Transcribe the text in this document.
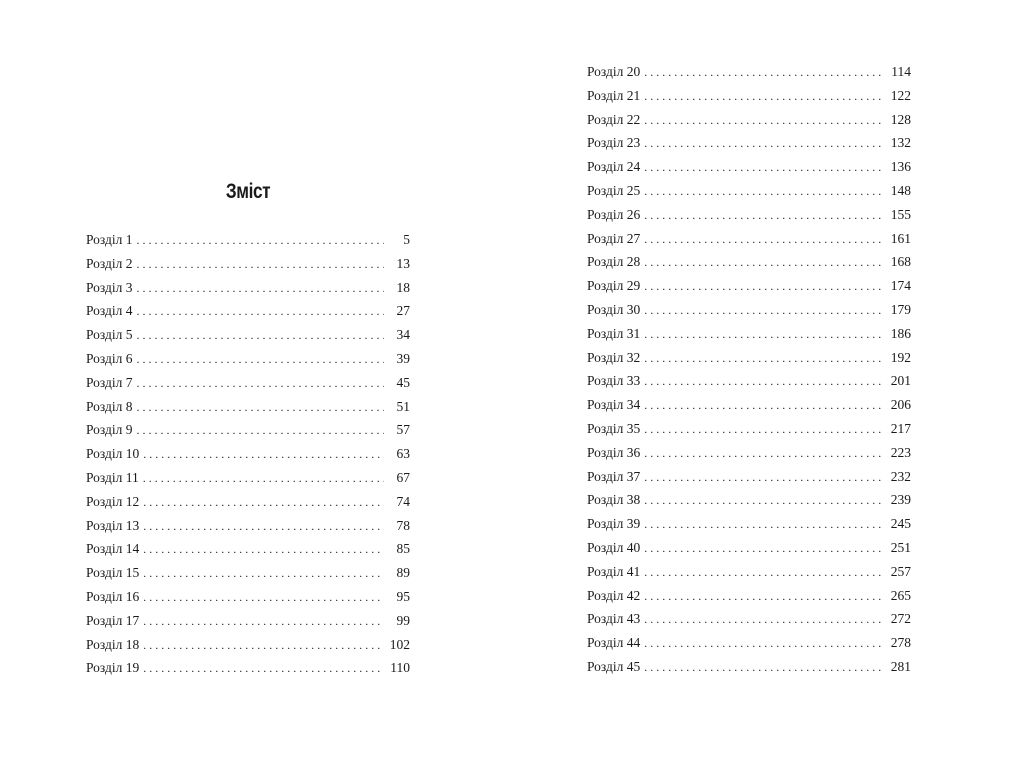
Зміст
Розділ 1 . . .	5
Розділ 2 . . .	13
Розділ 3 . . .	18
Розділ 4 . . .	27
Розділ 5 . . .	34
Розділ 6 . . .	39
Розділ 7 . . .	45
Розділ 8 . . .	51
Розділ 9 . . .	57
Розділ 10 . . .	63
Розділ 11 . . .	67
Розділ 12 . . .	74
Розділ 13 . . .	78
Розділ 14 . . .	85
Розділ 15 . . .	89
Розділ 16 . . .	95
Розділ 17 . . .	99
Розділ 18 . . .	102
Розділ 19 . . .	110
Розділ 20 . . .	114
Розділ 21 . . .	122
Розділ 22 . . .	128
Розділ 23 . . .	132
Розділ 24 . . .	136
Розділ 25 . . .	148
Розділ 26 . . .	155
Розділ 27 . . .	161
Розділ 28 . . .	168
Розділ 29 . . .	174
Розділ 30 . . .	179
Розділ 31 . . .	186
Розділ 32 . . .	192
Розділ 33 . . .	201
Розділ 34 . . .	206
Розділ 35 . . .	217
Розділ 36 . . .	223
Розділ 37 . . .	232
Розділ 38 . . .	239
Розділ 39 . . .	245
Розділ 40 . . .	251
Розділ 41 . . .	257
Розділ 42 . . .	265
Розділ 43 . . .	272
Розділ 44 . . .	278
Розділ 45 . . .	281
